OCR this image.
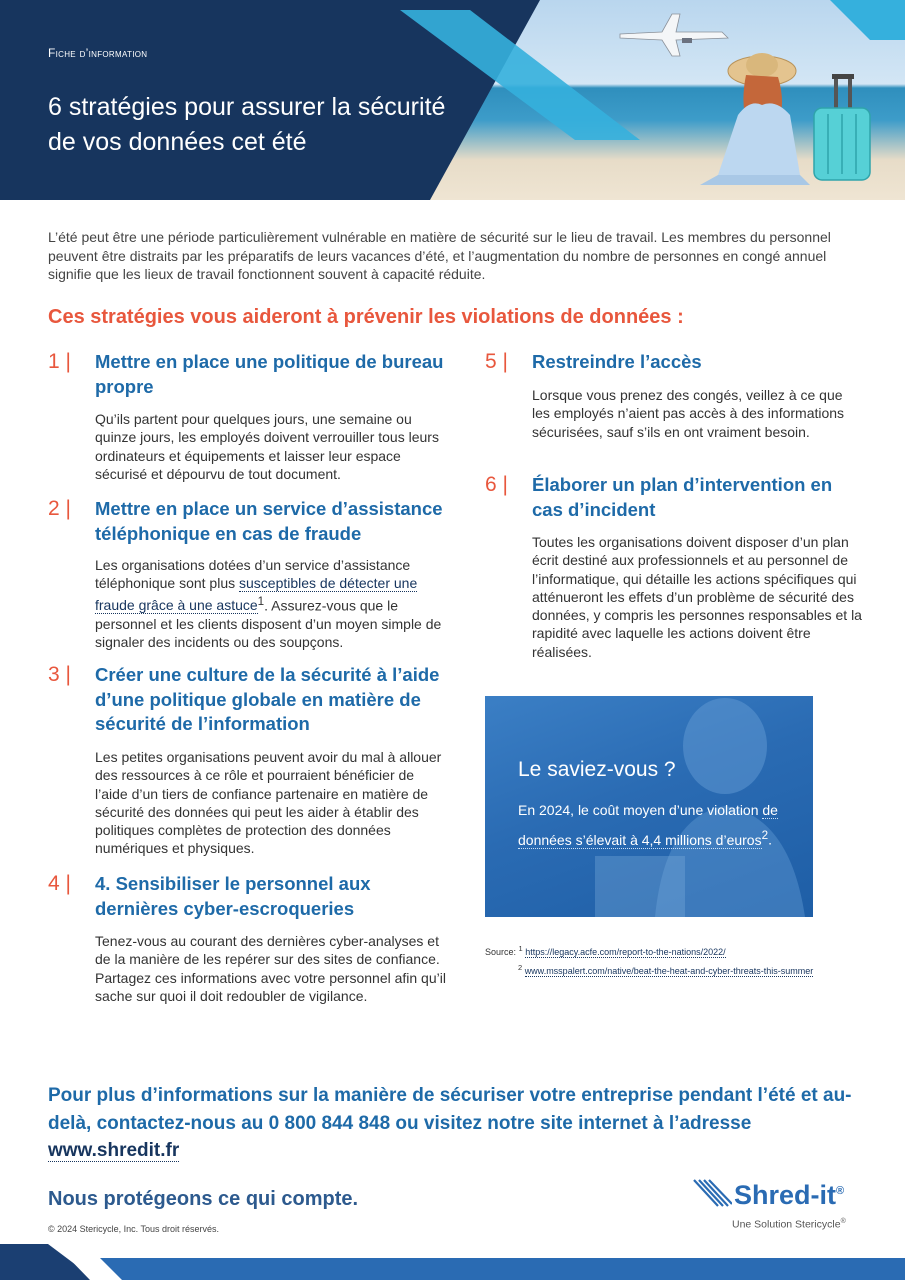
Fiche d’information
6 stratégies pour assurer la sécurité de vos données cet été

L’été peut être une période particulièrement vulnérable en matière de sécurité sur le lieu de travail. Les membres du personnel peuvent être distraits par les préparatifs de leurs vacances d’été, et l’augmentation du nombre de personnes en congé annuel signifie que les lieux de travail fonctionnent souvent à capacité réduite.

Ces stratégies vous aideront à prévenir les violations de données :
1 |	Mettre en place une politique de bureau propre

Qu’ils partent pour quelques jours, une semaine ou quinze jours, les employés doivent verrouiller tous leurs ordinateurs et équipements et laisser leur espace sécurisé et dépourvu de tout document.

2 |	Mettre en place un service d’assistance téléphonique en cas de fraude

Les organisations dotées d’un service d’assistance téléphonique sont plus susceptibles de détecter une fraude grâce à une astuce$^1$. Assurez-vous que le personnel et les clients disposent d’un moyen simple de signaler des incidents ou des soupçons.

3 |	Créer une culture de la sécurité à l’aide d’une politique globale en matière de sécurité de l’information

Les petites organisations peuvent avoir du mal à allouer des ressources à ce rôle et pourraient bénéficier de l’aide d’un tiers de confiance partenaire en matière de sécurité des données qui peut les aider à établir des politiques complètes de protection des données numériques et physiques.

4 |	4. Sensibiliser le personnel aux dernières cyber-escroqueries

Tenez-vous au courant des dernières cyber-analyses et de la manière de les repérer sur des sites de confiance. Partagez ces informations avec votre personnel afin qu’il sache sur quoi il doit redoubler de vigilance.

5 |	Restreindre l’accès

Lorsque vous prenez des congés, veillez à ce que les employés n’aient pas accès à des informations sécurisées, sauf s’ils en ont vraiment besoin.

6 |	Élaborer un plan d’intervention en cas d’incident

Toutes les organisations doivent disposer d’un plan écrit destiné aux professionnels et au personnel de l’informatique, qui détaille les actions spécifiques qui atténueront les effets d’un problème de sécurité des données, y compris les personnes responsables et la rapidité avec laquelle les actions doivent être réalisées.

Le saviez-vous ?

En 2024, le coût moyen d’une violation de données s’élevait à 4,4 millions d’euros$^2$.

Source: $^1$ https://legacy.acfe.com/report-to-the-nations/2022/
$^2$ www.msspalert.com/native/beat-the-heat-and-cyber-threats-this-summer

Pour plus d’informations sur la manière de sécuriser votre entreprise pendant l’été et au-delà, contactez-nous au 0 800 844 848 ou visitez notre site internet à l’adresse www.shredit.fr

Nous protégeons ce qui compte.
© 2024 Stericycle, Inc. Tous droit réservés.
Shred-it®
Une Solution Stericycle®
